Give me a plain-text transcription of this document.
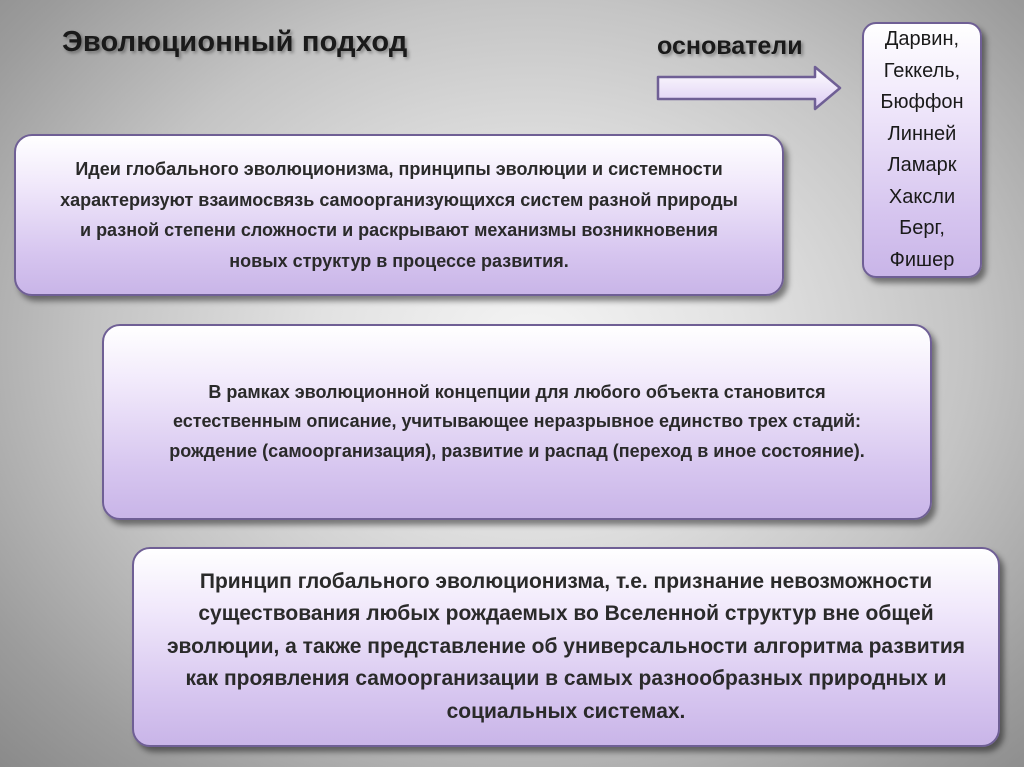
Эволюционный подход	основатели	Дарвин,
Геккель,
Бюффон
Линней
Ламарк
Хаксли
Берг,
Фишер

Идеи глобального эволюционизма, принципы эволюции и системности характеризуют взаимосвязь самоорганизующихся систем разной природы и разной степени сложности и раскрывают механизмы возникновения новых структур в процессе развития.

В рамках эволюционной концепции для любого объекта становится естественным описание, учитывающее неразрывное единство трех стадий: рождение (самоорганизация), развитие и распад (переход в иное состояние).

Принцип глобального эволюционизма, т.е. признание невозможности существования любых рождаемых во Вселенной структур вне общей эволюции, а также представление об универсальности алгоритма развития как проявления самоорганизации в самых разнообразных природных и социальных системах.
